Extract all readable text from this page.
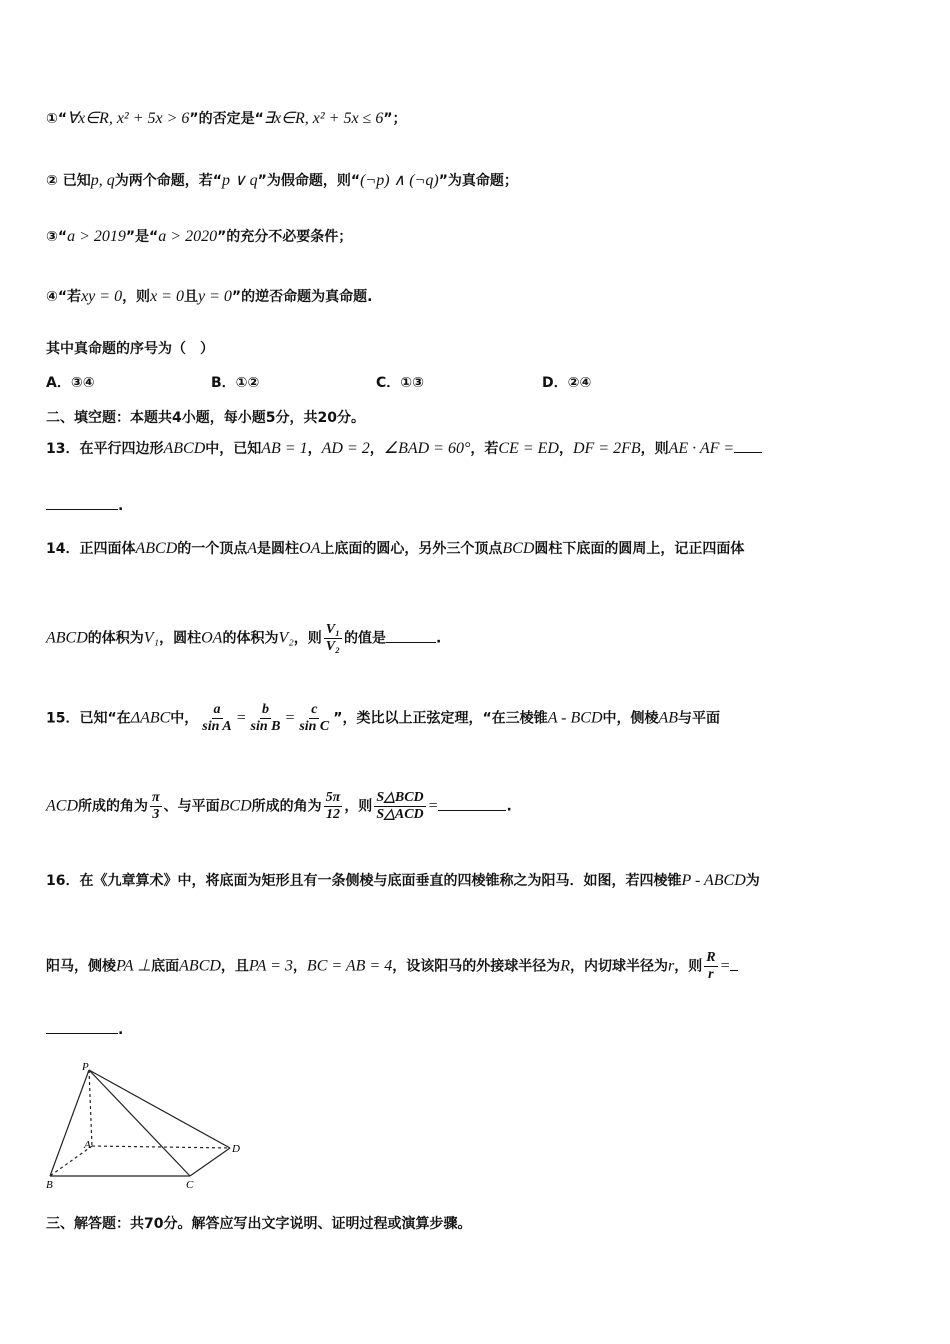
①“∀x∈R, x² + 5x > 6”的否定是“∃x∈R, x² + 5x ≤ 6”；
② 已知p, q为两个命题，若“p ∨ q”为假命题，则“(¬p) ∧ (¬q)”为真命题；
③“a > 2019”是“a > 2020”的充分不必要条件；
④“若xy = 0，则x = 0且y = 0”的逆否命题为真命题.
其中真命题的序号为（　）
A．③④	B．①②	C．①③	D．②④
二、填空题：本题共4小题，每小题5分，共20分。
13．在平行四边形ABCD中，已知AB = 1，AD = 2，∠BAD = 60°，若CE = ED，DF = 2FB，则AE · AF =
.
14．正四面体ABCD的一个顶点A是圆柱OA上底面的圆心，另外三个顶点BCD圆柱下底面的圆周上，记正四面体
ABCD的体积为V₁，圆柱OA的体积为V₂，则 $\frac{\text{V₁}}{\text{V₂}}$ 的值是	.
15．已知“在ΔABC中， $\frac{a}{\text{sin A}} = \frac{b}{\text{sin B}} = \frac{c}{\text{sin C}}$ ”，类比以上正弦定理，“在三棱锥A - BCD中，侧棱AB与平面
ACD所成的角为 $\frac{\pi}{3}$ 、与平面BCD所成的角为 $\frac{5\pi}{12}$ ，则 $\frac{\text{S△BCD}}{\text{S△ACD}}$ =	.
16．在《九章算术》中，将底面为矩形且有一条侧棱与底面垂直的四棱锥称之为阳马．如图，若四棱锥P - ABCD为
阳马，侧棱PA ⊥底面ABCD，且PA = 3，BC = AB = 4，设该阳马的外接球半径为R，内切球半径为r，则 $\frac{R}{r}$ =
.
P
A
B	C
D
三、解答题：共70分。解答应写出文字说明、证明过程或演算步骤。
